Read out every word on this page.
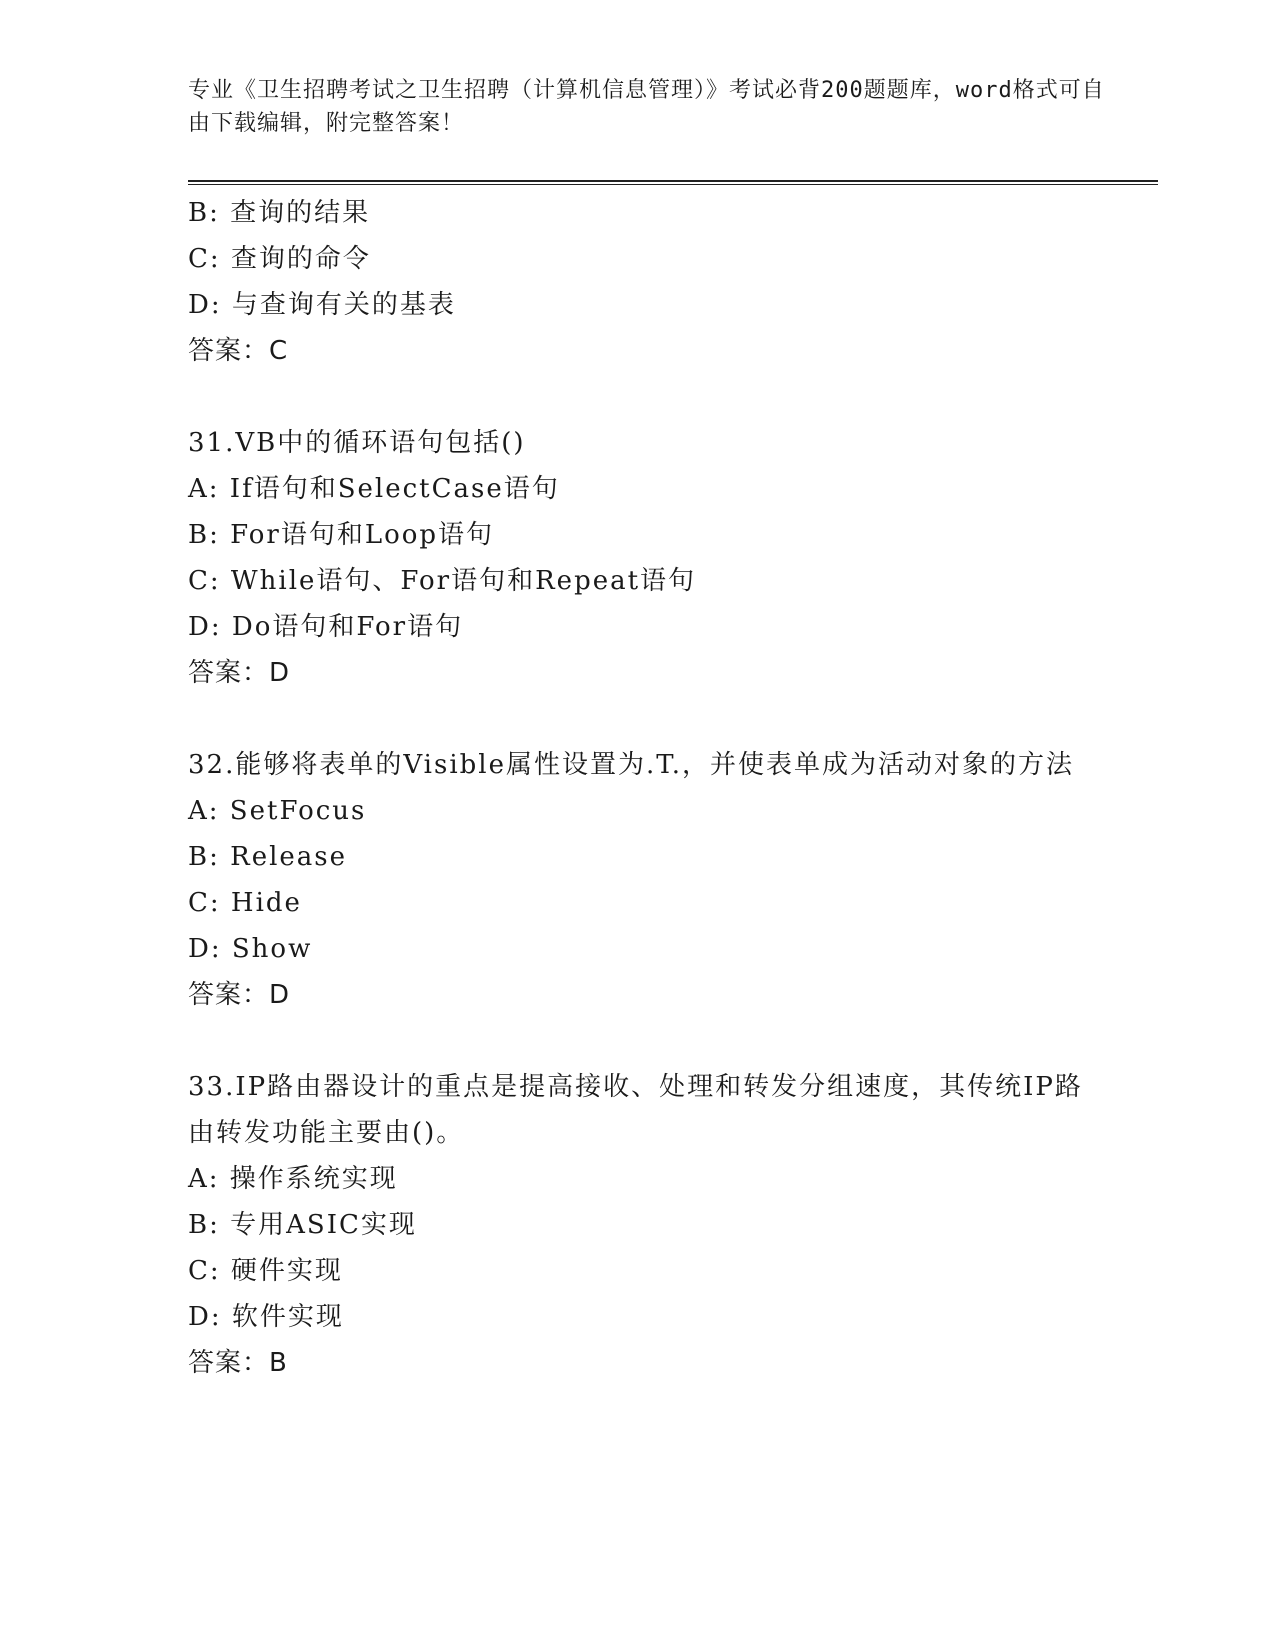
专业《卫生招聘考试之卫生招聘（计算机信息管理）》考试必背200题题库，word格式可自由下载编辑，附完整答案！
B: 查询的结果
C: 查询的命令
D: 与查询有关的基表
答案：C
31.VB中的循环语句包括()
A: If语句和SelectCase语句
B: For语句和Loop语句
C: While语句、For语句和Repeat语句
D: Do语句和For语句
答案：D
32.能够将表单的Visible属性设置为.T.，并使表单成为活动对象的方法
A: SetFocus
B: Release
C: Hide
D: Show
答案：D
33.IP路由器设计的重点是提高接收、处理和转发分组速度，其传统IP路由转发功能主要由()。
A: 操作系统实现
B: 专用ASIC实现
C: 硬件实现
D: 软件实现
答案：B
